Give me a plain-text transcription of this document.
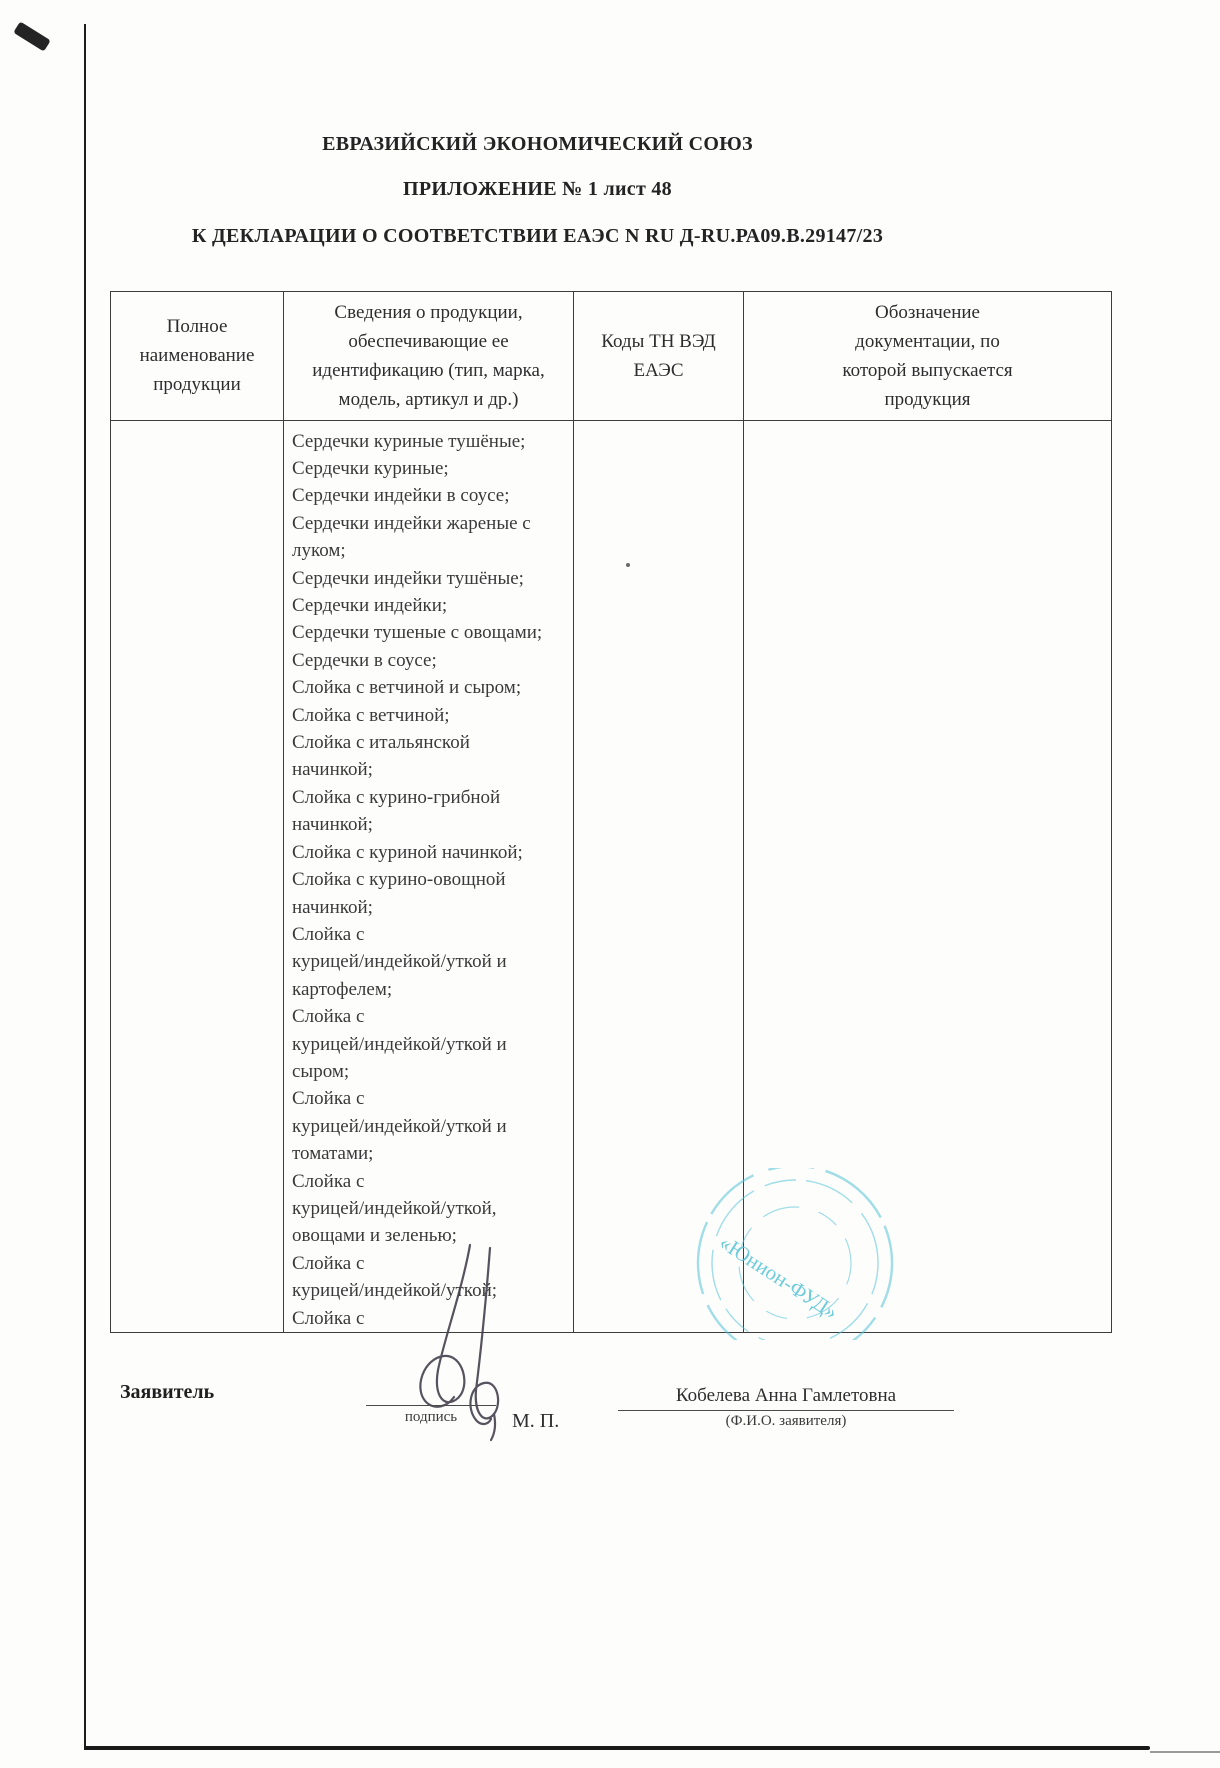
ЕВРАЗИЙСКИЙ ЭКОНОМИЧЕСКИЙ СОЮЗ
ПРИЛОЖЕНИЕ № 1 лист 48
К ДЕКЛАРАЦИИ О СООТВЕТСТВИИ ЕАЭС N RU Д-RU.РА09.В.29147/23
Полное
наименование
продукции
Сведения о продукции,
обеспечивающие ее
идентификацию (тип, марка,
модель, артикул и др.)
Коды ТН ВЭД
ЕАЭС
Обозначение
документации, по
которой выпускается
продукция
Сердечки куриные тушёные;
Сердечки куриные;
Сердечки индейки в соусе;
Сердечки индейки жареные с
луком;
Сердечки индейки тушёные;
Сердечки индейки;
Сердечки тушеные с овощами;
Сердечки в соусе;
Слойка с ветчиной и сыром;
Слойка с ветчиной;
Слойка с итальянской
начинкой;
Слойка с курино-грибной
начинкой;
Слойка с куриной начинкой;
Слойка с курино-овощной
начинкой;
Слойка с
курицей/индейкой/уткой и
картофелем;
Слойка с
курицей/индейкой/уткой и
сыром;
Слойка с
курицей/индейкой/уткой и
томатами;
Слойка с
курицей/индейкой/уткой,
овощами и зеленью;
Слойка с
курицей/индейкой/уткой;
Слойка с	«Юнион-ФУД»
Заявитель
подпись	М. П.
Кобелева Анна Гамлетовна
(Ф.И.О. заявителя)
